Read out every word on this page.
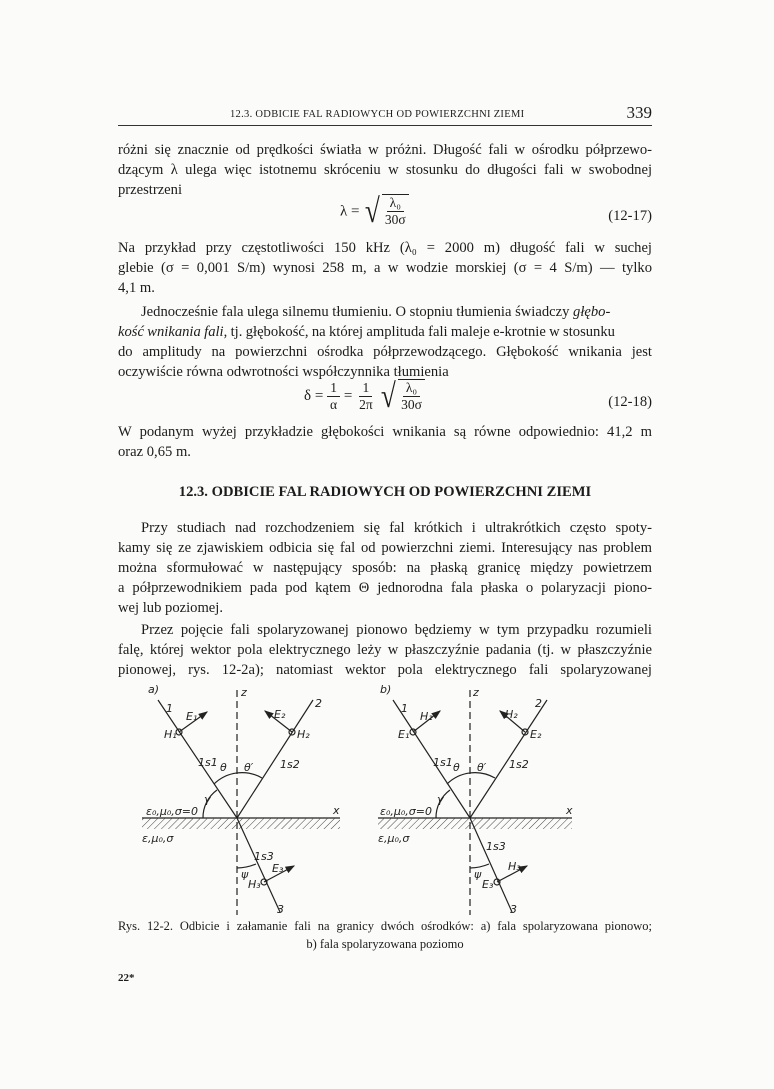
12.3. ODBICIE FAL RADIOWYCH OD POWIERZCHNI ZIEMI	339
różni się znacznie od prędkości światła w próżni. Długość fali w ośrodku półprzewo-
dzącym λ ulega więc istotnemu skróceniu w stosunku do długości fali w swobodnej
przestrzeni
λ = √ $\frac{\text{λ₀}}{30\sigma}$	(12-17)
Na przykład przy częstotliwości 150 kHz (λ₀ = 2000 m) długość fali w suchej
glebie (σ = 0,001 S/m) wynosi 258 m, a w wodzie morskiej (σ = 4 S/m) — tylko
4,1 m.
Jednocześnie fala ulega silnemu tłumieniu. O stopniu tłumienia świadczy głębo-
kość wnikania fali, tj. głębokość, na której amplituda fali maleje e-krotnie w stosunku
do amplitudy na powierzchni ośrodka półprzewodzącego. Głębokość wnikania jest
oczywiście równa odwrotności współczynnika tłumienia
$\delta = \frac{1}{\alpha} = \frac{1}{2\pi}$
√ $\frac{\text{λ₀}}{30\sigma}$	(12-18)
W podanym wyżej przykładzie głębokości wnikania są równe odpowiednio: 41,2 m
oraz 0,65 m.
12.3. ODBICIE FAL RADIOWYCH OD POWIERZCHNI ZIEMI
Przy studiach nad rozchodzeniem się fal krótkich i ultrakrótkich często spoty-
kamy się ze zjawiskiem odbicia się fal od powierzchni ziemi. Interesujący nas problem
można sformułować w następujący sposób: na płaską granicę między powietrzem
a półprzewodnikiem pada pod kątem Θ jednorodna fala płaska o polaryzacji piono-
wej lub poziomej.
Przez pojęcie fali spolaryzowanej pionowo będziemy w tym przypadku rozumieli
falę, której wektor pola elektrycznego leży w płaszczyźnie padania (tj. w płaszczyźnie
pionowej, rys. 12-2a); natomiast wektor pola elektrycznego fali spolaryzowanej
a)	z
x
1	2
3
E₁	E₂
E₃
H₁	H₂
H₃
1s1	1s2
1s3
θ θ′
γ
ψ
ε₀,μ₀,σ=0
ε,μ₀,σ
b)	z
x
1	2
3
H₁	H₂
H₃
E₁	E₂
E₃
1s1	1s2
1s3
θ θ′
γ
ψ
ε₀,μ₀,σ=0
ε,μ₀,σ
Rys. 12-2. Odbicie i załamanie fali na granicy dwóch ośrodków: a) fala spolaryzowana pionowo;
b) fala spolaryzowana poziomo
22*
